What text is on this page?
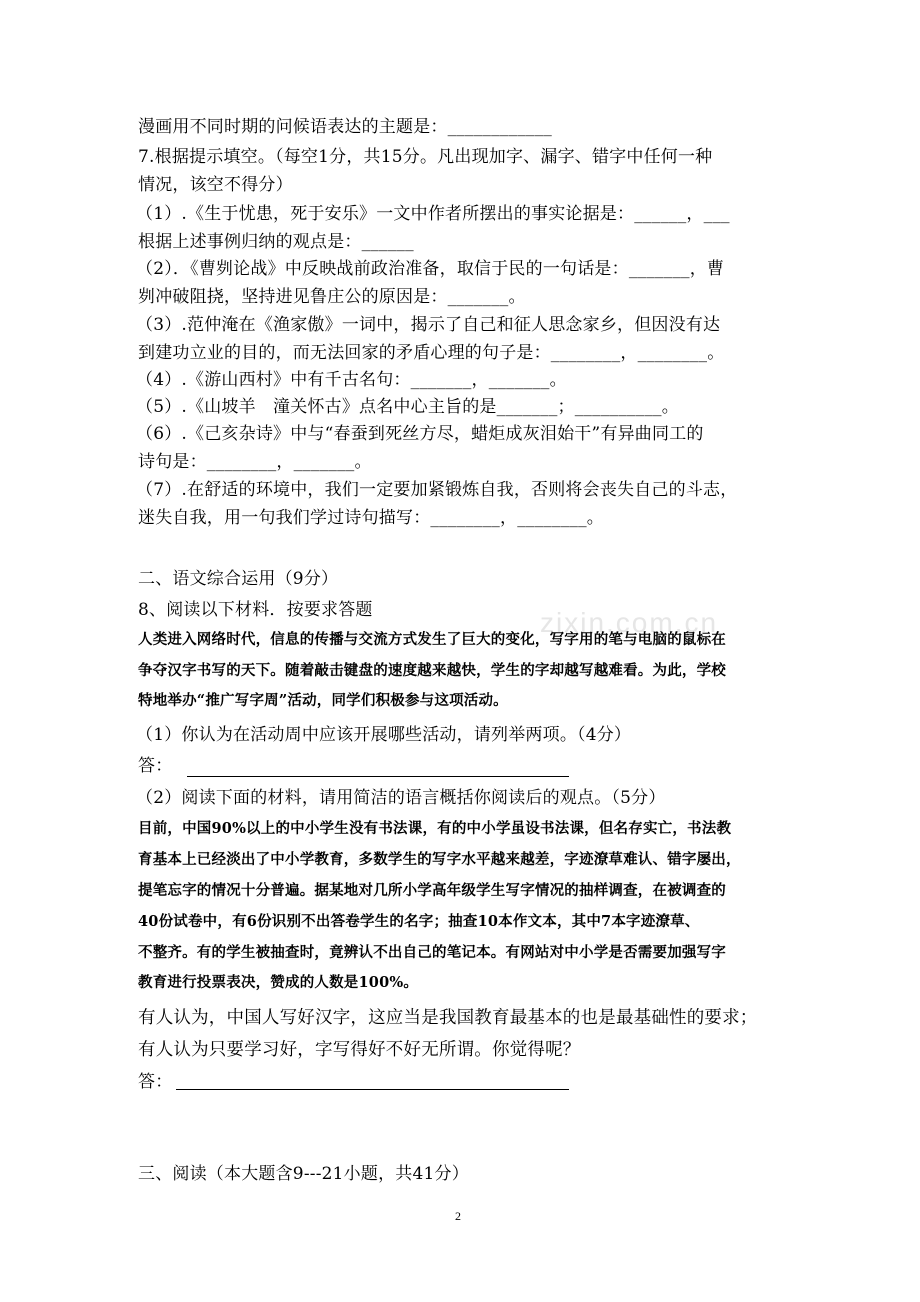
zixin.com.cn
漫画用不同时期的问候语表达的主题是：____________
7.根据提示填空。（每空1分，共15分。凡出现加字、漏字、错字中任何一种
情况，该空不得分）
（1）.《生于忧患，死于安乐》一文中作者所摆出的事实论据是：______，___
根据上述事例归纳的观点是：______
（2）．《曹刿论战》中反映战前政治准备，取信于民的一句话是：_______，曹
刿冲破阻挠，坚持进见鲁庄公的原因是：_______。
（3）.范仲淹在《渔家傲》一词中，揭示了自己和征人思念家乡，但因没有达
到建功立业的目的，而无法回家的矛盾心理的句子是：________，________。
（4）.《游山西村》中有千古名句：_______，_______。
（5）.《山坡羊　潼关怀古》点名中心主旨的是_______；__________。
（6）.《己亥杂诗》中与“春蚕到死丝方尽，蜡炬成灰泪始干”有异曲同工的
诗句是：________，_______。
（7）.在舒适的环境中，我们一定要加紧锻炼自我，否则将会丧失自己的斗志，
迷失自我，用一句我们学过诗句描写：________，________。
二、语文综合运用（9分）
8、阅读以下材料．按要求答题
人类进入网络时代，信息的传播与交流方式发生了巨大的变化，写字用的笔与电脑的鼠标在
争夺汉字书写的天下。随着敲击键盘的速度越来越快，学生的字却越写越难看。为此，学校
特地举办“推广写字周”活动，同学们积极参与这项活动。
（1）你认为在活动周中应该开展哪些活动，请列举两项。（4分）
答：
（2）阅读下面的材料，请用简洁的语言概括你阅读后的观点。（5分）
目前，中国90%以上的中小学生没有书法课，有的中小学虽设书法课，但名存实亡，书法教
育基本上已经淡出了中小学教育，多数学生的写字水平越来越差，字迹潦草难认、错字屡出，
提笔忘字的情况十分普遍。据某地对几所小学高年级学生写字情况的抽样调查，在被调查的
40份试卷中，有6份识别不出答卷学生的名字；抽查10本作文本，其中7本字迹潦草、
不整齐。有的学生被抽查时，竟辨认不出自己的笔记本。有网站对中小学是否需要加强写字
教育进行投票表决，赞成的人数是100%。
有人认为，中国人写好汉字，这应当是我国教育最基本的也是最基础性的要求；
有人认为只要学习好，字写得好不好无所谓。你觉得呢？
答：
三、阅读（本大题含9---21小题，共41分）
2
